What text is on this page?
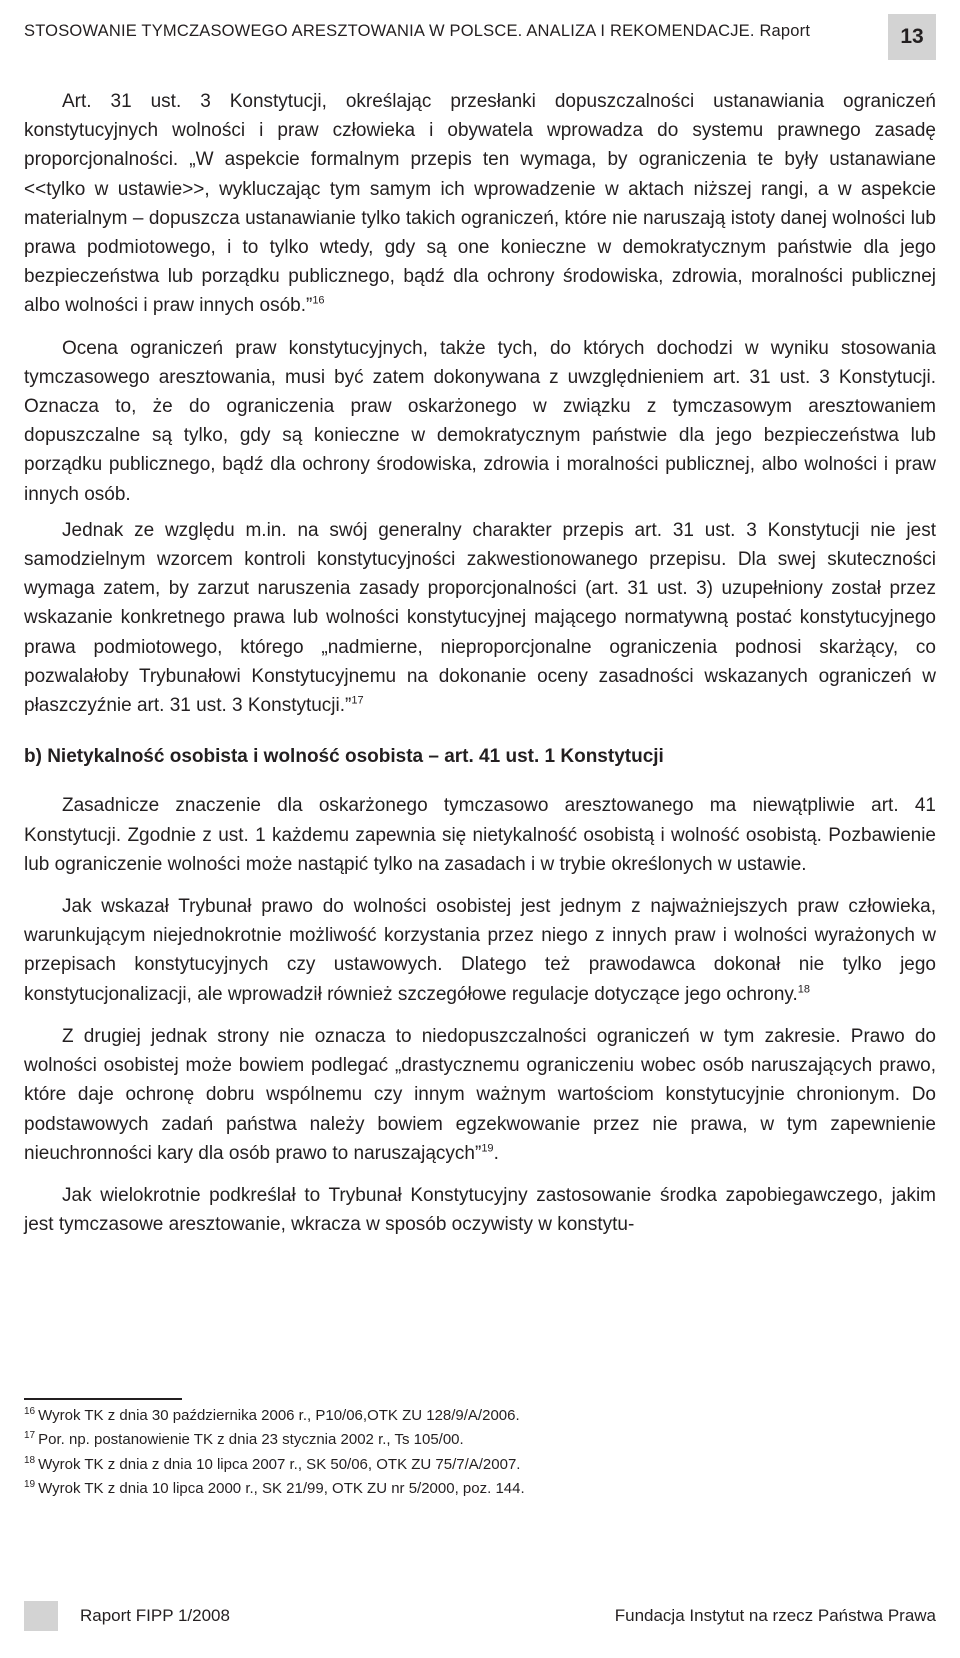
STOSOWANIE TYMCZASOWEGO ARESZTOWANIA W POLSCE. ANALIZA I REKOMENDACJE. Raport	13

Art. 31 ust. 3 Konstytucji, określając przesłanki dopuszczalności ustanawiania ograniczeń konstytucyjnych wolności i praw człowieka i obywatela wprowadza do systemu prawnego zasadę proporcjonalności. „W aspekcie formalnym przepis ten wymaga, by ograniczenia te były ustanawiane <<tylko w ustawie>>, wykluczając tym samym ich wprowadzenie w aktach niższej rangi, a w aspekcie materialnym – dopuszcza ustanawianie tylko takich ograniczeń, które nie naruszają istoty danej wolności lub prawa podmiotowego, i to tylko wtedy, gdy są one konieczne w demokratycznym państwie dla jego bezpieczeństwa lub porządku publicznego, bądź dla ochrony środowiska, zdrowia, moralności publicznej albo wolności i praw innych osób.”$^{16}$

Ocena ograniczeń praw konstytucyjnych, także tych, do których dochodzi w wyniku stosowania tymczasowego aresztowania, musi być zatem dokonywana z uwzględnieniem art. 31 ust. 3 Konstytucji. Oznacza to, że do ograniczenia praw oskarżonego w związku z tymczasowym aresztowaniem dopuszczalne są tylko, gdy są konieczne w demokratycznym państwie dla jego bezpieczeństwa lub porządku publicznego, bądź dla ochrony środowiska, zdrowia i moralności publicznej, albo wolności i praw innych osób.

Jednak ze względu m.in. na swój generalny charakter przepis art. 31 ust. 3 Konstytucji nie jest samodzielnym wzorcem kontroli konstytucyjności zakwestionowanego przepisu. Dla swej skuteczności wymaga zatem, by zarzut naruszenia zasady proporcjonalności (art. 31 ust. 3) uzupełniony został przez wskazanie konkretnego prawa lub wolności konstytucyjnej mającego normatywną postać konstytucyjnego prawa podmiotowego, którego „nadmierne, nieproporcjonalne ograniczenia podnosi skarżący, co pozwalałoby Trybunałowi Konstytucyjnemu na dokonanie oceny zasadności wskazanych ograniczeń w płaszczyźnie art. 31 ust. 3 Konstytucji.”$^{17}$

b) Nietykalność osobista i wolność osobista – art. 41 ust. 1 Konstytucji

Zasadnicze znaczenie dla oskarżonego tymczasowo aresztowanego ma niewątpliwie art. 41 Konstytucji. Zgodnie z ust. 1 każdemu zapewnia się nietykalność osobistą i wolność osobistą. Pozbawienie lub ograniczenie wolności może nastąpić tylko na zasadach i w trybie określonych w ustawie.

Jak wskazał Trybunał prawo do wolności osobistej jest jednym z najważniejszych praw człowieka, warunkującym niejednokrotnie możliwość korzystania przez niego z innych praw i wolności wyrażonych w przepisach konstytucyjnych czy ustawowych. Dlatego też prawodawca dokonał nie tylko jego konstytucjonalizacji, ale wprowadził również szczegółowe regulacje dotyczące jego ochrony.$^{18}$

Z drugiej jednak strony nie oznacza to niedopuszczalności ograniczeń w tym zakresie. Prawo do wolności osobistej może bowiem podlegać „drastycznemu ograniczeniu wobec osób naruszających prawo, które daje ochronę dobru wspólnemu czy innym ważnym wartościom konstytucyjnie chronionym. Do podstawowych zadań państwa należy bowiem egzekwowanie przez nie prawa, w tym zapewnienie nieuchronności kary dla osób prawo to naruszających”$^{19}$.

Jak wielokrotnie podkreślał to Trybunał Konstytucyjny zastosowanie środka zapobiegawczego, jakim jest tymczasowe aresztowanie, wkracza w sposób oczywisty w konstytu-

$^{16}$ Wyrok TK z dnia 30 października 2006 r., P10/06,OTK ZU 128/9/A/2006.
$^{17}$ Por. np. postanowienie TK z dnia 23 stycznia 2002 r., Ts 105/00.
$^{18}$ Wyrok TK z dnia z dnia 10 lipca 2007 r., SK 50/06, OTK ZU 75/7/A/2007.
$^{19}$ Wyrok TK z dnia 10 lipca 2000 r., SK 21/99, OTK ZU nr 5/2000, poz. 144.
Raport FIPP 1/2008	Fundacja Instytut na rzecz Państwa Prawa
